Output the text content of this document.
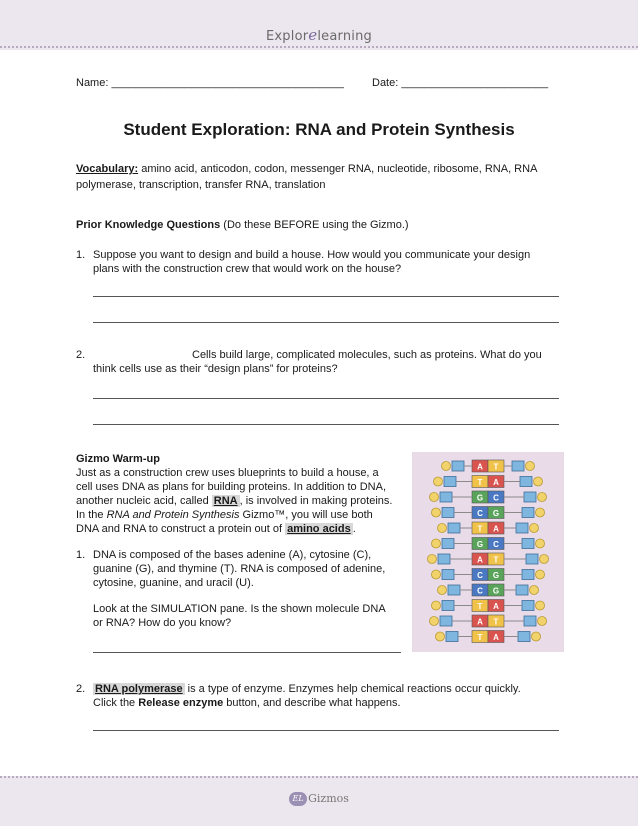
Explorelearning
Name: ______________________________________	Date: ________________________
Student Exploration: RNA and Protein Synthesis
Vocabulary: amino acid, anticodon, codon, messenger RNA, nucleotide, ribosome, RNA, RNA
polymerase, transcription, transfer RNA, translation
Prior Knowledge Questions (Do these BEFORE using the Gizmo.)
1. Suppose you want to design and build a house. How would you communicate your design
plans with the construction crew that would work on the house?
2.	Cells build large, complicated molecules, such as proteins. What do you
think cells use as their “design plans” for proteins?
Gizmo Warm-up
Just as a construction crew uses blueprints to build a house, a
cell uses DNA as plans for building proteins. In addition to DNA,
another nucleic acid, called RNA , is involved in making proteins.
In the RNA and Protein Synthesis Gizmo™, you will use both
DNA and RNA to construct a protein out of amino acids .
1. DNA is composed of the bases adenine (A), cytosine (C),
guanine (G), and thymine (T). RNA is composed of adenine,
cytosine, guanine, and uracil (U).
Look at the SIMULATION pane. Is the shown molecule DNA
or RNA? How do you know?
2. RNA polymerase is a type of enzyme. Enzymes help chemical reactions occur quickly.
Click the Release enzyme button, and describe what happens.
A T
T A
G C
C G
T A
G C
A T
C G
C G
T A
A T
T A
EL Gizmos
